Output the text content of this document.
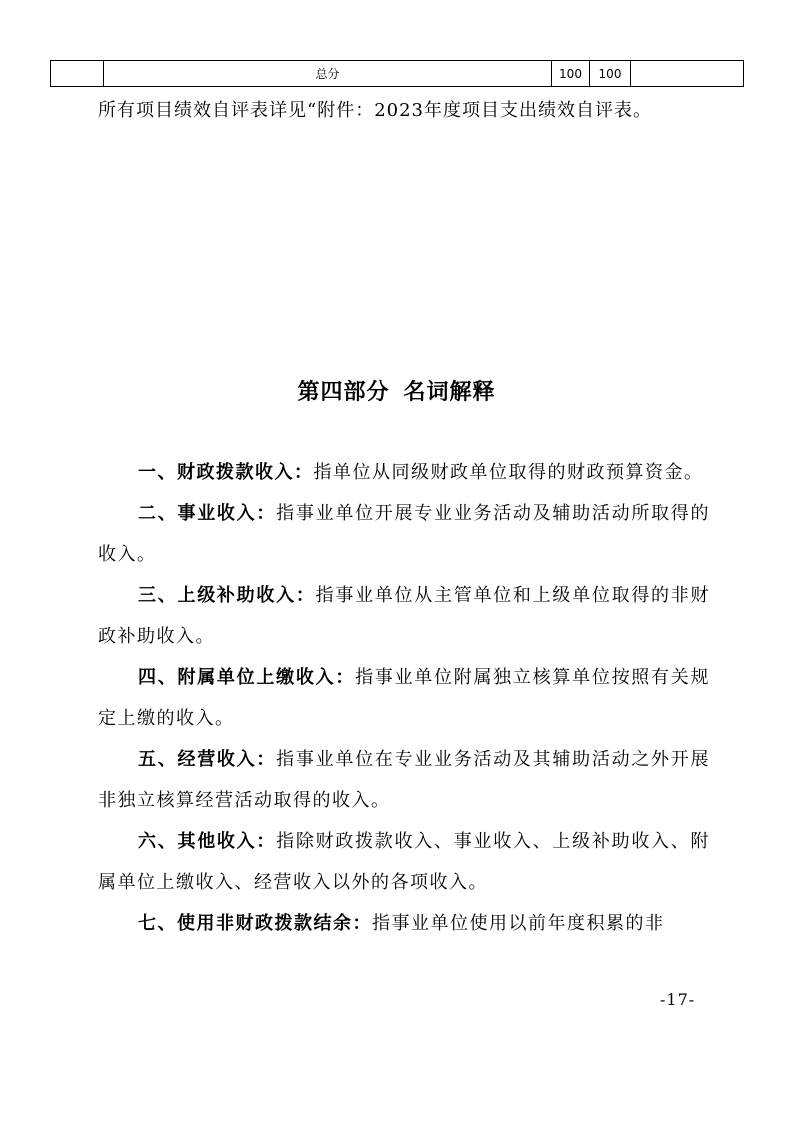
	总分	100	100	
所有项目绩效自评表详见“附件：2023年度项目支出绩效自评表。
第四部分 名词解释

一、财政拨款收入：指单位从同级财政单位取得的财政预算资金。

二、事业收入：指事业单位开展专业业务活动及辅助活动所取得的收入。

三、上级补助收入：指事业单位从主管单位和上级单位取得的非财政补助收入。

四、附属单位上缴收入：指事业单位附属独立核算单位按照有关规定上缴的收入。

五、经营收入：指事业单位在专业业务活动及其辅助活动之外开展非独立核算经营活动取得的收入。

六、其他收入：指除财政拨款收入、事业收入、上级补助收入、附属单位上缴收入、经营收入以外的各项收入。

七、使用非财政拨款结余：指事业单位使用以前年度积累的非

-17-
